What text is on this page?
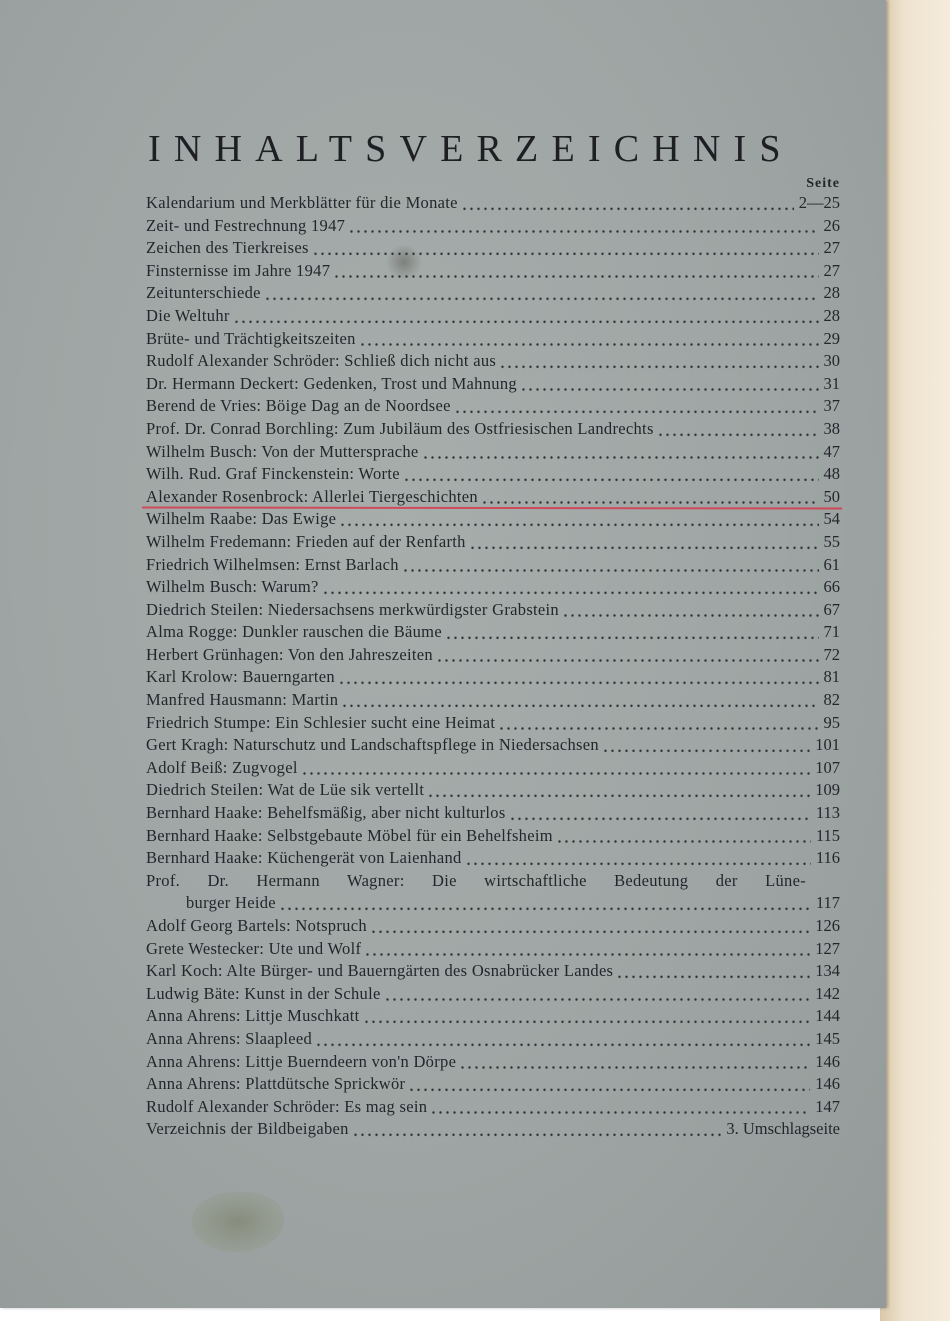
INHALTSVERZEICHNIS
Seite
Kalendarium und Merkblätter für die Monate	2—25
Zeit- und Festrechnung 1947	26
Zeichen des Tierkreises	27
Finsternisse im Jahre 1947	27
Zeitunterschiede	28
Die Weltuhr	28
Brüte- und Trächtigkeitszeiten	29
Rudolf Alexander Schröder: Schließ dich nicht aus	30
Dr. Hermann Deckert: Gedenken, Trost und Mahnung	31
Berend de Vries: Böige Dag an de Noordsee	37
Prof. Dr. Conrad Borchling: Zum Jubiläum des Ostfriesischen Landrechts	38
Wilhelm Busch: Von der Muttersprache	47
Wilh. Rud. Graf Finckenstein: Worte	48
Alexander Rosenbrock: Allerlei Tiergeschichten	50
Wilhelm Raabe: Das Ewige	54
Wilhelm Fredemann: Frieden auf der Renfarth	55
Friedrich Wilhelmsen: Ernst Barlach	61
Wilhelm Busch: Warum?	66
Diedrich Steilen: Niedersachsens merkwürdigster Grabstein	67
Alma Rogge: Dunkler rauschen die Bäume	71
Herbert Grünhagen: Von den Jahreszeiten	72
Karl Krolow: Bauerngarten	81
Manfred Hausmann: Martin	82
Friedrich Stumpe: Ein Schlesier sucht eine Heimat	95
Gert Kragh: Naturschutz und Landschaftspflege in Niedersachsen	101
Adolf Beiß: Zugvogel	107
Diedrich Steilen: Wat de Lüe sik vertellt	109
Bernhard Haake: Behelfsmäßig, aber nicht kulturlos	113
Bernhard Haake: Selbstgebaute Möbel für ein Behelfsheim	115
Bernhard Haake: Küchengerät von Laienhand	116
Prof. Dr. Hermann Wagner: Die wirtschaftliche Bedeutung der Lüne-
burger Heide	117
Adolf Georg Bartels: Notspruch	126
Grete Westecker: Ute und Wolf	127
Karl Koch: Alte Bürger- und Bauerngärten des Osnabrücker Landes	134
Ludwig Bäte: Kunst in der Schule	142
Anna Ahrens: Littje Muschkatt	144
Anna Ahrens: Slaapleed	145
Anna Ahrens: Littje Buerndeern von'n Dörpe	146
Anna Ahrens: Plattdütsche Sprickwör	146
Rudolf Alexander Schröder: Es mag sein	147
Verzeichnis der Bildbeigaben	3. Umschlagseite
